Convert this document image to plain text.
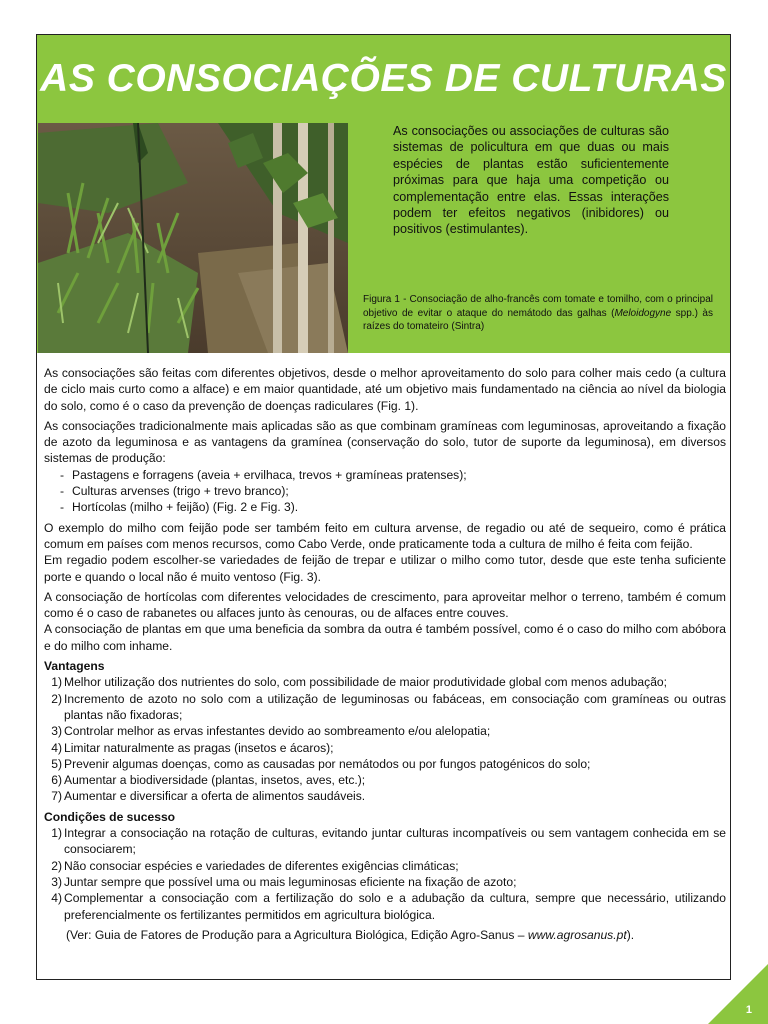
AS CONSOCIAÇÕES DE CULTURAS
As consociações ou associações de culturas são sistemas de policultura em que duas ou mais espécies de plantas estão suficientemente próximas para que haja uma competição ou complementação entre elas. Essas interações podem ter efeitos negativos (inibidores) ou positivos (estimulantes).
Figura 1 - Consociação de alho-francês com tomate e tomilho, com o principal objetivo de evitar o ataque do nemátodo das galhas (Meloidogyne spp.) às raízes do tomateiro (Sintra)

As consociações são feitas com diferentes objetivos, desde o melhor aproveitamento do solo para colher mais cedo (a cultura de ciclo mais curto como a alface) e em maior quantidade, até um objetivo mais fundamentado na ciência ao nível da biologia do solo, como é o caso da prevenção de doenças radiculares (Fig. 1).

As consociações tradicionalmente mais aplicadas são as que combinam gramíneas com leguminosas, aproveitando a fixação de azoto da leguminosa e as vantagens da gramínea (conservação do solo, tutor de suporte da leguminosa), em diversos sistemas de produção:

- Pastagens e forragens (aveia + ervilhaca, trevos + gramíneas pratenses);
- Culturas arvenses (trigo + trevo branco);
- Hortícolas (milho + feijão) (Fig. 2 e Fig. 3).

O exemplo do milho com feijão pode ser também feito em cultura arvense, de regadio ou até de sequeiro, como é prática comum em países com menos recursos, como Cabo Verde, onde praticamente toda a cultura de milho é feita com feijão.

Em regadio podem escolher-se variedades de feijão de trepar e utilizar o milho como tutor, desde que este tenha suficiente porte e quando o local não é muito ventoso (Fig. 3).

A consociação de hortícolas com diferentes velocidades de crescimento, para aproveitar melhor o terreno, também é comum como é o caso de rabanetes ou alfaces junto às cenouras, ou de alfaces entre couves.

A consociação de plantas em que uma beneficia da sombra da outra é também possível, como é o caso do milho com abóbora e do milho com inhame.

Vantagens
1) Melhor utilização dos nutrientes do solo, com possibilidade de maior produtividade global com menos adubação;
2) Incremento de azoto no solo com a utilização de leguminosas ou fabáceas, em consociação com gramíneas ou outras plantas não fixadoras;
3) Controlar melhor as ervas infestantes devido ao sombreamento e/ou alelopatia;
4) Limitar naturalmente as pragas (insetos e ácaros);
5) Prevenir algumas doenças, como as causadas por nemátodos ou por fungos patogénicos do solo;
6) Aumentar a biodiversidade (plantas, insetos, aves, etc.);
7) Aumentar e diversificar a oferta de alimentos saudáveis.
Condições de sucesso
1) Integrar a consociação na rotação de culturas, evitando juntar culturas incompatíveis ou sem vantagem conhecida em se consociarem;
2) Não consociar espécies e variedades de diferentes exigências climáticas;
3) Juntar sempre que possível uma ou mais leguminosas eficiente na fixação de azoto;
4) Complementar a consociação com a fertilização do solo e a adubação da cultura, sempre que necessário, utilizando preferencialmente os fertilizantes permitidos em agricultura biológica.

(Ver: Guia de Fatores de Produção para a Agricultura Biológica, Edição Agro-Sanus – www.agrosanus.pt).

1
